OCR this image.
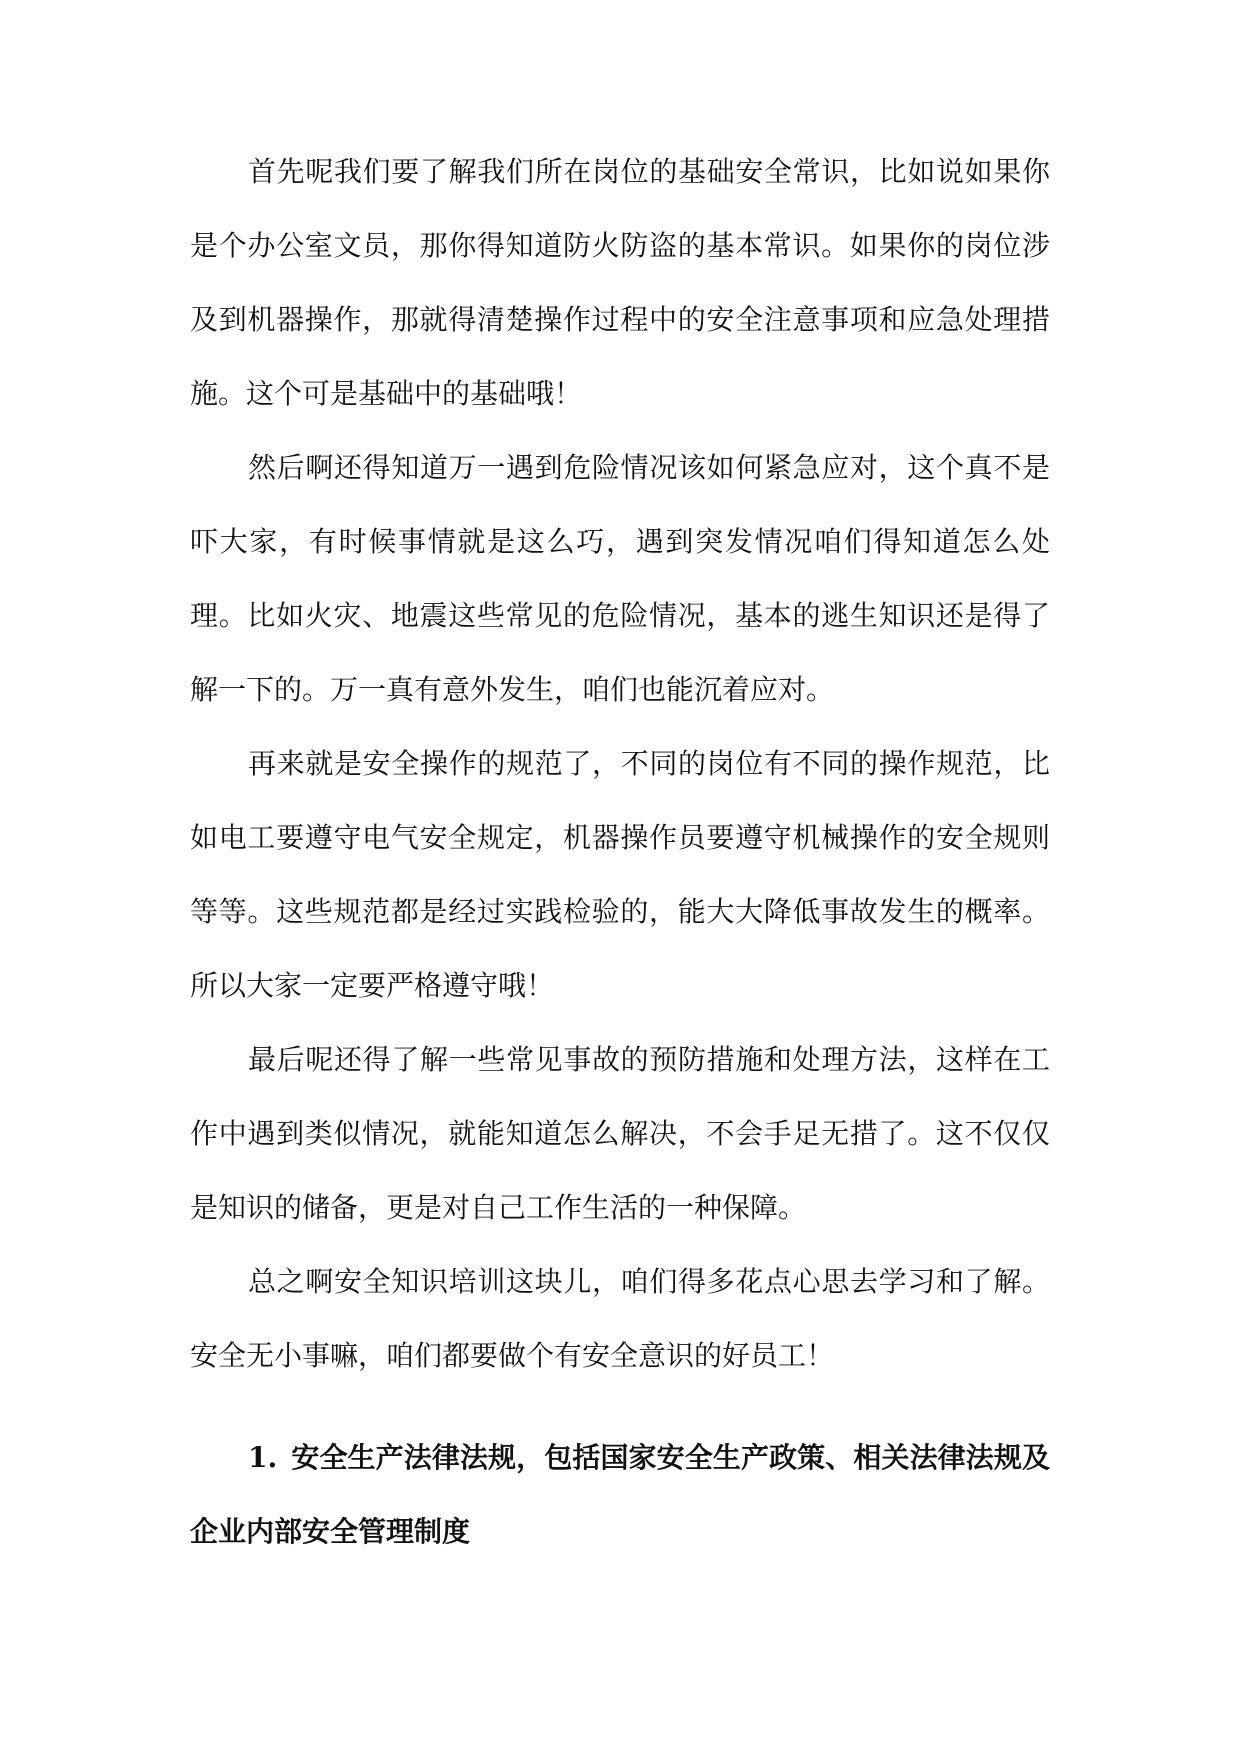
首先呢我们要了解我们所在岗位的基础安全常识，比如说如果你是个办公室文员，那你得知道防火防盗的基本常识。如果你的岗位涉及到机器操作，那就得清楚操作过程中的安全注意事项和应急处理措施。这个可是基础中的基础哦！

然后啊还得知道万一遇到危险情况该如何紧急应对，这个真不是吓大家，有时候事情就是这么巧，遇到突发情况咱们得知道怎么处理。比如火灾、地震这些常见的危险情况，基本的逃生知识还是得了解一下的。万一真有意外发生，咱们也能沉着应对。

再来就是安全操作的规范了，不同的岗位有不同的操作规范，比如电工要遵守电气安全规定，机器操作员要遵守机械操作的安全规则等等。这些规范都是经过实践检验的，能大大降低事故发生的概率。所以大家一定要严格遵守哦！

最后呢还得了解一些常见事故的预防措施和处理方法，这样在工作中遇到类似情况，就能知道怎么解决，不会手足无措了。这不仅仅是知识的储备，更是对自己工作生活的一种保障。

总之啊安全知识培训这块儿，咱们得多花点心思去学习和了解。安全无小事嘛，咱们都要做个有安全意识的好员工！

1. 安全生产法律法规，包括国家安全生产政策、相关法律法规及企业内部安全管理制度
